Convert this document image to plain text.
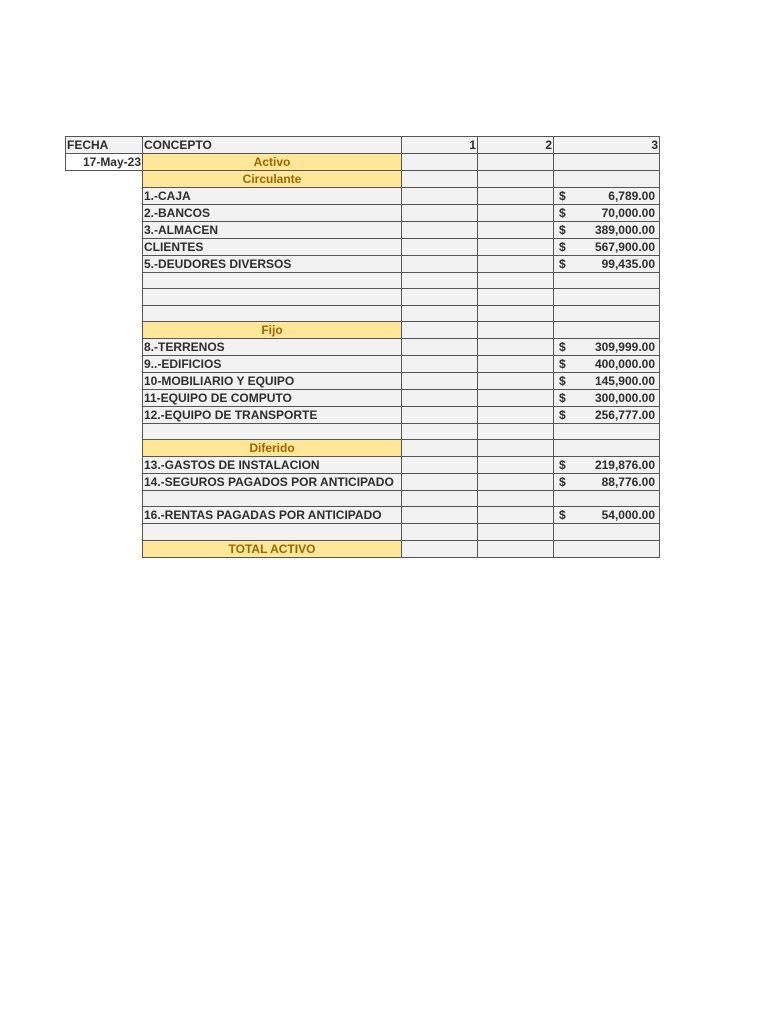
FECHA	CONCEPTO	1	2	3
17-May-23	Activo			
	Circulante			
	1.-CAJA			$ 6,789.00

	2.-BANCOS			$ 70,000.00

	3.-ALMACEN			$ 389,000.00

	CLIENTES			$ 567,900.00

	5.-DEUDORES DIVERSOS			$ 99,435.00

	Fijo			
	8.-TERRENOS			$ 309,999.00

	9..-EDIFICIOS			$ 400,000.00

	10-MOBILIARIO Y EQUIPO			$ 145,900.00

	11-EQUIPO DE COMPUTO			$ 300,000.00

	12.-EQUIPO DE TRANSPORTE			$ 256,777.00

	Diferido			
	13.-GASTOS DE INSTALACION			$ 219,876.00

	14.-SEGUROS PAGADOS POR ANTICIPADO			$ 88,776.00

	16.-RENTAS PAGADAS POR ANTICIPADO			$ 54,000.00

	TOTAL ACTIVO			
